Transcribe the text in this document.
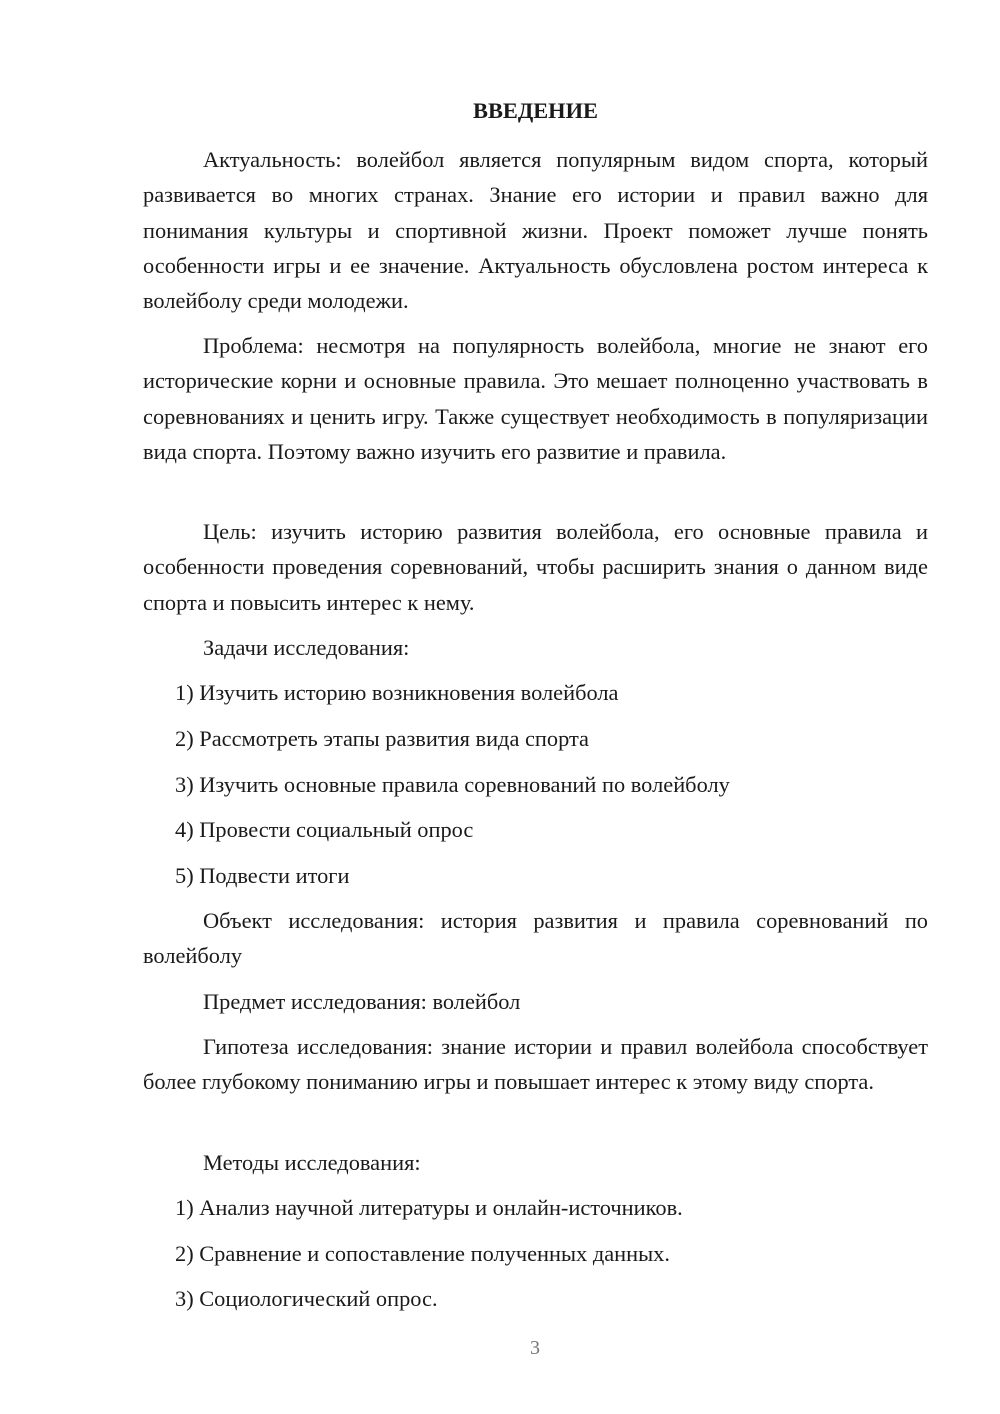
ВВЕДЕНИЕ

Актуальность: волейбол является популярным видом спорта, который развивается во многих странах. Знание его истории и правил важно для понимания культуры и спортивной жизни. Проект поможет лучше понять особенности игры и ее значение. Актуальность обусловлена ростом интереса к волейболу среди молодежи.

Проблема: несмотря на популярность волейбола, многие не знают его исторические корни и основные правила. Это мешает полноценно участвовать в соревнованиях и ценить игру. Также существует необходимость в популяризации вида спорта. Поэтому важно изучить его развитие и правила.

Цель: изучить историю развития волейбола, его основные правила и особенности проведения соревнований, чтобы расширить знания о данном виде спорта и повысить интерес к нему.

Задачи исследования:

1) Изучить историю возникновения волейбола

2) Рассмотреть этапы развития вида спорта

3) Изучить основные правила соревнований по волейболу

4) Провести социальный опрос

5) Подвести итоги

Объект исследования: история развития и правила соревнований по волейболу

Предмет исследования: волейбол

Гипотеза исследования: знание истории и правил волейбола способствует более глубокому пониманию игры и повышает интерес к этому виду спорта.

Методы исследования:

1) Анализ научной литературы и онлайн-источников.

2) Сравнение и сопоставление полученных данных.

3) Социологический опрос.

3
